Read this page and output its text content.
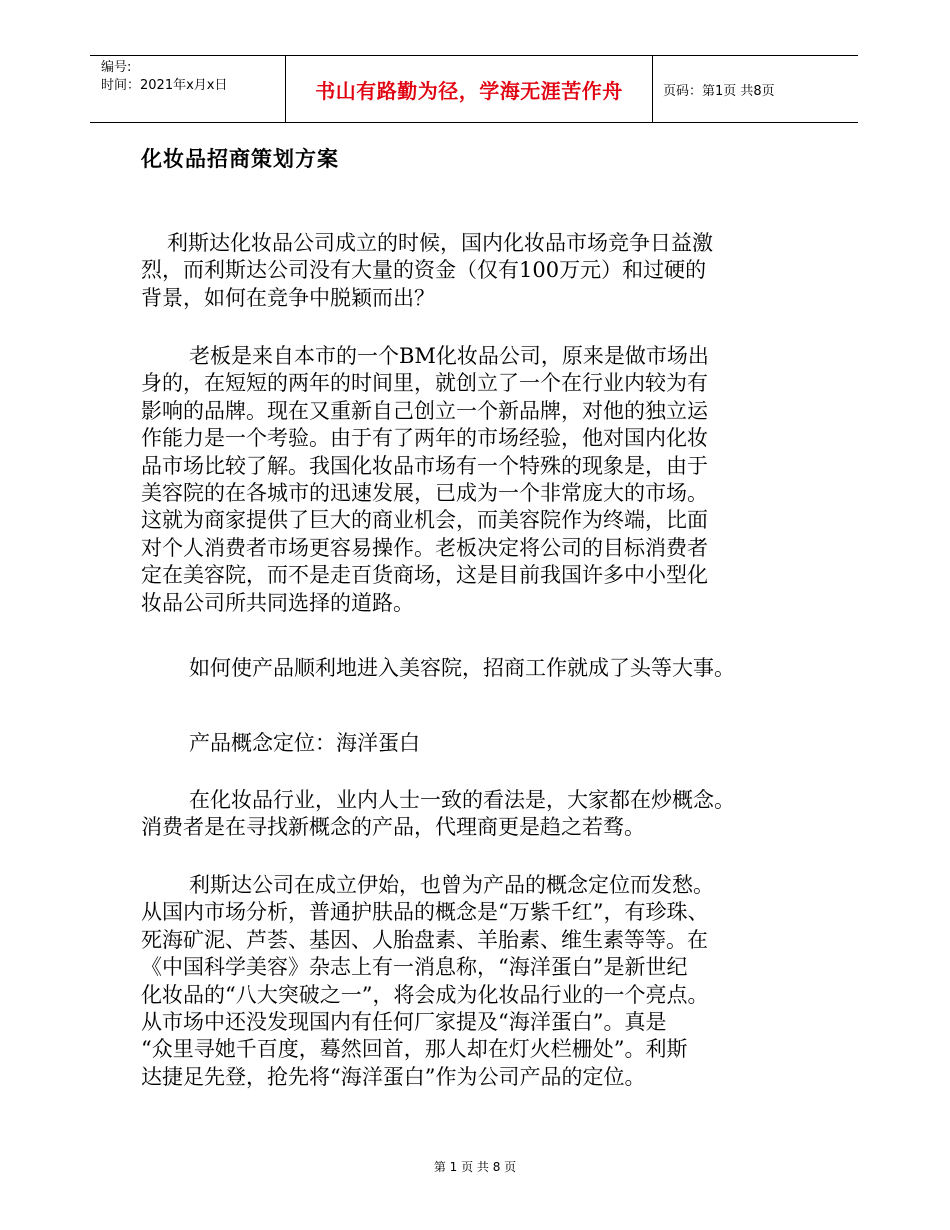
编号:
时间：2021年x月x日	书山有路勤为径，学海无涯苦作舟	页码：第1页 共8页
化妆品招商策划方案

利斯达化妆品公司成立的时候，国内化妆品市场竞争日益激
烈，而利斯达公司没有大量的资金（仅有100万元）和过硬的
背景，如何在竞争中脱颖而出？

老板是来自本市的一个BM化妆品公司，原来是做市场出
身的，在短短的两年的时间里，就创立了一个在行业内较为有
影响的品牌。现在又重新自己创立一个新品牌，对他的独立运
作能力是一个考验。由于有了两年的市场经验，他对国内化妆
品市场比较了解。我国化妆品市场有一个特殊的现象是，由于
美容院的在各城市的迅速发展，已成为一个非常庞大的市场。
这就为商家提供了巨大的商业机会，而美容院作为终端，比面
对个人消费者市场更容易操作。老板决定将公司的目标消费者
定在美容院，而不是走百货商场，这是目前我国许多中小型化
妆品公司所共同选择的道路。

如何使产品顺利地进入美容院，招商工作就成了头等大事。

产品概念定位：海洋蛋白

在化妆品行业，业内人士一致的看法是，大家都在炒概念。
消费者是在寻找新概念的产品，代理商更是趋之若骛。

利斯达公司在成立伊始，也曾为产品的概念定位而发愁。
从国内市场分析，普通护肤品的概念是“万紫千红”，有珍珠、
死海矿泥、芦荟、基因、人胎盘素、羊胎素、维生素等等。在
《中国科学美容》杂志上有一消息称，“海洋蛋白”是新世纪
化妆品的“八大突破之一”，将会成为化妆品行业的一个亮点。
从市场中还没发现国内有任何厂家提及“海洋蛋白”。真是
“众里寻她千百度，蓦然回首，那人却在灯火栏栅处”。利斯
达捷足先登，抢先将“海洋蛋白”作为公司产品的定位。

第 1 页 共 8 页
